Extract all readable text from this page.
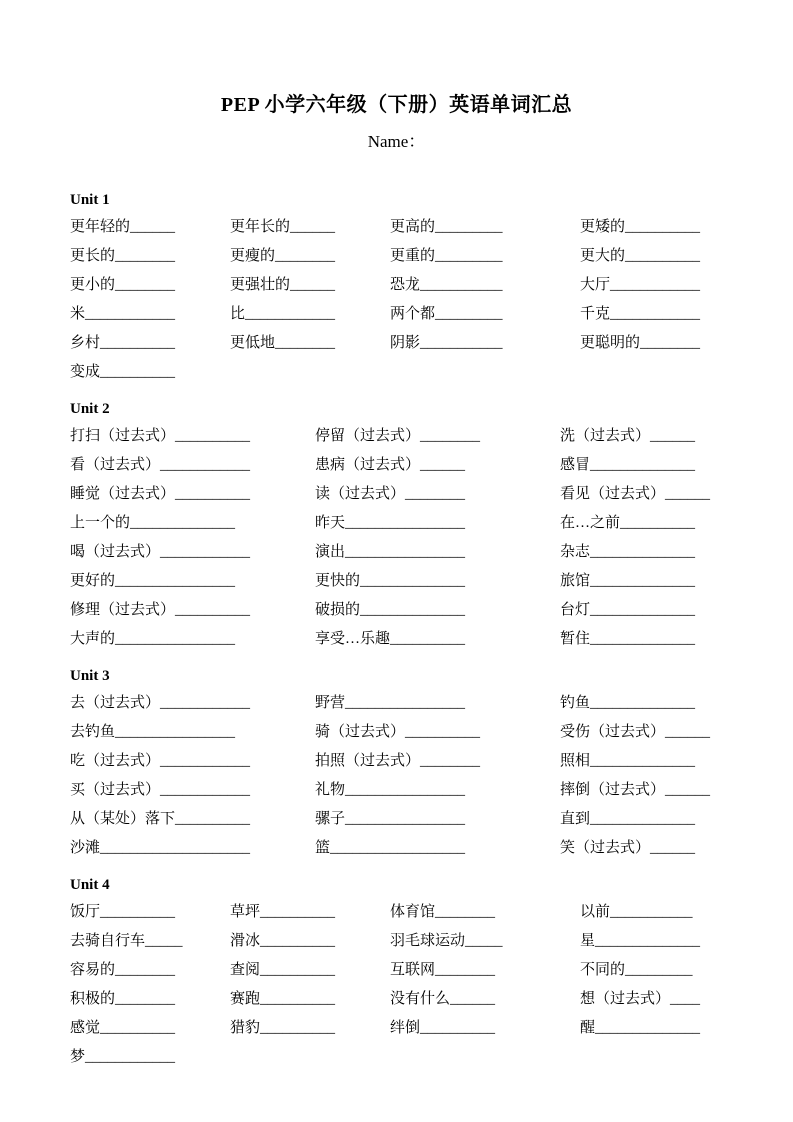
PEP 小学六年级（下册）英语单词汇总
Name：
Unit 1
更年轻的______	更年长的______	更高的_________	更矮的__________
更长的________	更瘦的________	更重的_________	更大的__________
更小的________	更强壮的______	恐龙___________	大厅____________
米____________	比____________	两个都_________	千克____________
乡村__________	更低地________	阴影___________	更聪明的________
变成__________
Unit 2
打扫（过去式）__________	停留（过去式）________	洗（过去式）______
看（过去式）____________	患病（过去式）______	感冒______________
睡觉（过去式）__________	读（过去式）________	看见（过去式）______
上一个的______________	昨天________________	在…之前__________
喝（过去式）____________	演出________________	杂志______________
更好的________________	更快的______________	旅馆______________
修理（过去式）__________	破损的______________	台灯______________
大声的________________	享受…乐趣__________	暂住______________
Unit 3
去（过去式）____________	野营________________	钓鱼______________
去钓鱼________________	骑（过去式）__________	受伤（过去式）______
吃（过去式）____________	拍照（过去式）________	照相______________
买（过去式）____________	礼物________________	摔倒（过去式）______
从（某处）落下__________	骡子________________	直到______________
沙滩____________________	篮__________________	笑（过去式）______
Unit 4
饭厅__________	草坪__________	体育馆________	以前___________
去骑自行车_____	滑冰__________	羽毛球运动_____	星______________
容易的________	查阅__________	互联网________	不同的_________
积极的________	赛跑__________	没有什么______	想（过去式）____
感觉__________	猎豹__________	绊倒__________	醒______________
梦____________
